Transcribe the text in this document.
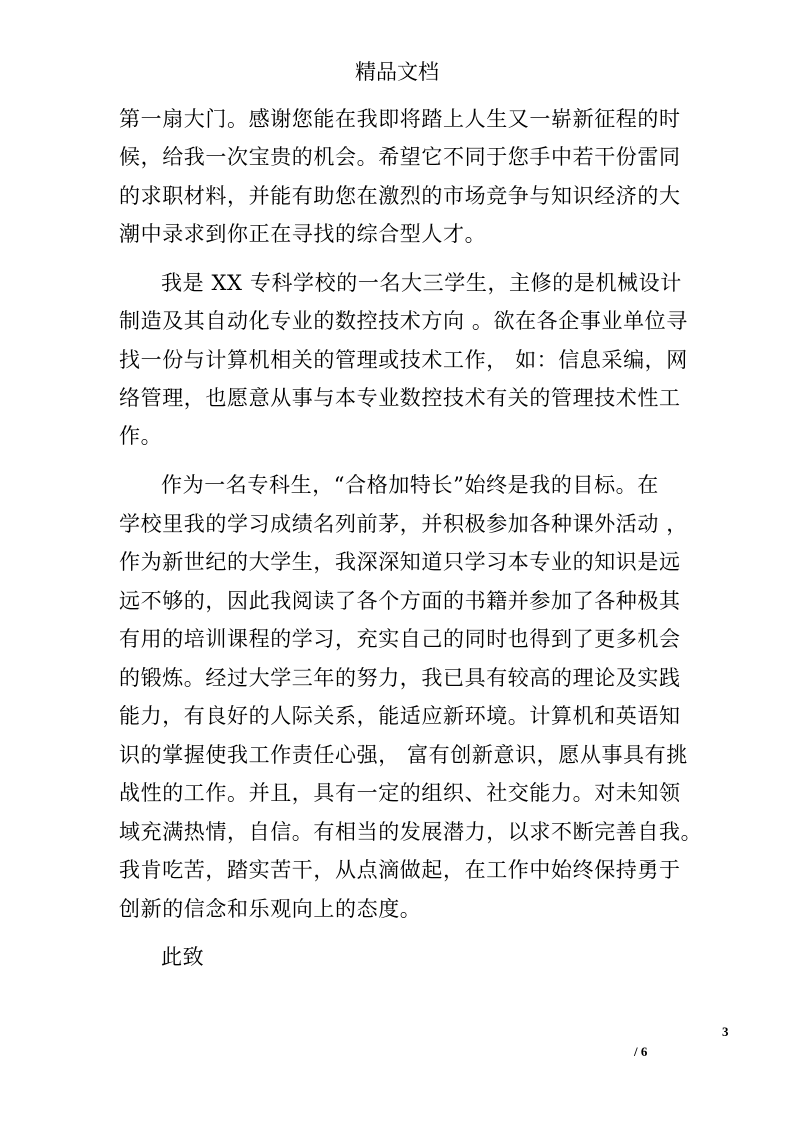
精品文档
第一扇大门。感谢您能在我即将踏上人生又一崭新征程的时
候，给我一次宝贵的机会。希望它不同于您手中若干份雷同
的求职材料，并能有助您在激烈的市场竞争与知识经济的大
潮中录求到你正在寻找的综合型人才。
我是 XX 专科学校的一名大三学生，主修的是机械设计
制造及其自动化专业的数控技术方向 。欲在各企事业单位寻
找一份与计算机相关的管理或技术工作， 如：信息采编，网
络管理，也愿意从事与本专业数控技术有关的管理技术性工
作。
作为一名专科生，“合格加特长”始终是我的目标。在
学校里我的学习成绩名列前茅，并积极参加各种课外活动 ，
作为新世纪的大学生，我深深知道只学习本专业的知识是远
远不够的，因此我阅读了各个方面的书籍并参加了各种极其
有用的培训课程的学习，充实自己的同时也得到了更多机会
的锻炼。经过大学三年的努力，我已具有较高的理论及实践
能力，有良好的人际关系，能适应新环境。计算机和英语知
识的掌握使我工作责任心强， 富有创新意识，愿从事具有挑
战性的工作。并且，具有一定的组织、社交能力。对未知领
域充满热情，自信。有相当的发展潜力，以求不断完善自我。
我肯吃苦，踏实苦干，从点滴做起，在工作中始终保持勇于
创新的信念和乐观向上的态度。
此致
3
/ 6
